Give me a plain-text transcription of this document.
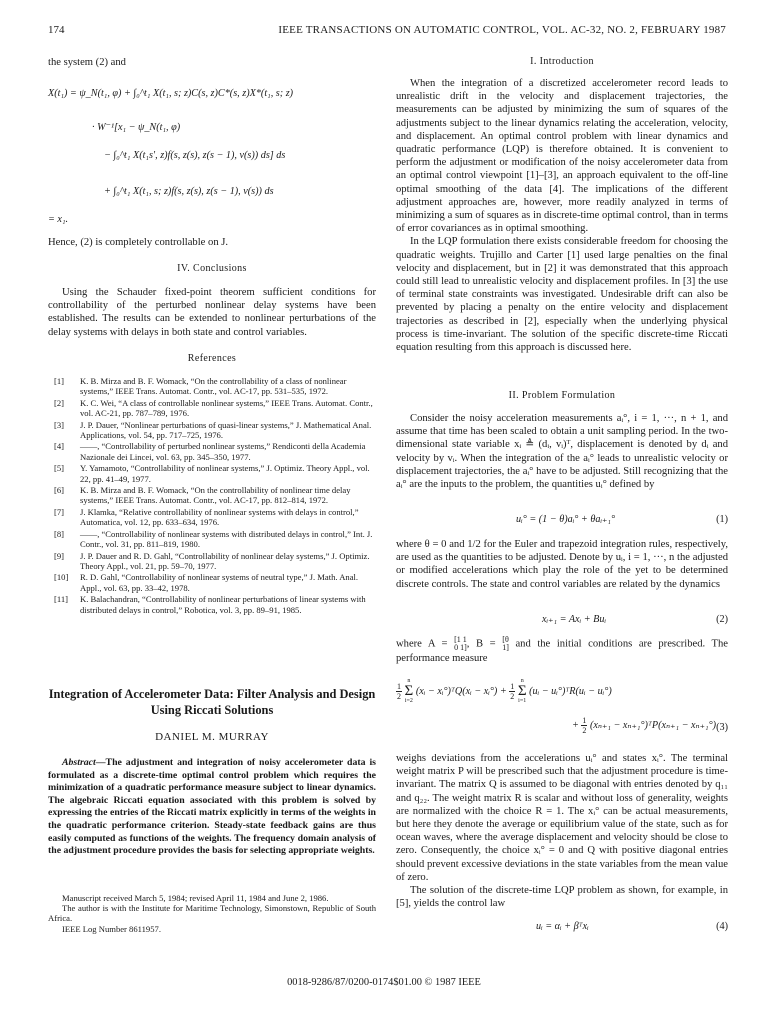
174	IEEE TRANSACTIONS ON AUTOMATIC CONTROL, VOL. AC-32, NO. 2, FEBRUARY 1987

the system (2) and

X(t₁) = ψ_N(t₁, φ) + ∫₀^t₁ X(t₁, s; z)C(s, z)C*(s, z)X*(t₁, s; z)
· W⁻¹[x₁ − ψ_N(t₁, φ)
− ∫₀^t₁ X(t₁s', z)f(s, z(s), z(s − 1), v(s)) ds] ds
+ ∫₀^t₁ X(t₁, s; z)f(s, z(s), z(s − 1), v(s)) ds
= x₁.

Hence, (2) is completely controllable on J.

IV. Conclusions

Using the Schauder fixed-point theorem sufficient conditions for controllability of the perturbed nonlinear delay systems have been established. The results can be extended to nonlinear perturbations of the delay systems with delays in both state and control variables.

References
[1]	K. B. Mirza and B. F. Womack, “On the controllability of a class of nonlinear systems,” IEEE Trans. Automat. Contr., vol. AC-17, pp. 531–535, 1972.
[2]	K. C. Wei, “A class of controllable nonlinear systems,” IEEE Trans. Automat. Contr., vol. AC-21, pp. 787–789, 1976.
[3]	J. P. Dauer, “Nonlinear perturbations of quasi-linear systems,” J. Mathematical Anal. Applications, vol. 54, pp. 717–725, 1976.
[4]	——, “Controllability of perturbed nonlinear systems,” Rendiconti della Academia Nazionale dei Lincei, vol. 63, pp. 345–350, 1977.
[5]	Y. Yamamoto, “Controllability of nonlinear systems,” J. Optimiz. Theory Appl., vol. 22, pp. 41–49, 1977.
[6]	K. B. Mirza and B. F. Womack, “On the controllability of nonlinear time delay systems,” IEEE Trans. Automat. Contr., vol. AC-17, pp. 812–814, 1972.
[7]	J. Klamka, “Relative controllability of nonlinear systems with delays in control,” Automatica, vol. 12, pp. 633–634, 1976.
[8]	——, “Controllability of nonlinear systems with distributed delays in control,” Int. J. Contr., vol. 31, pp. 811–819, 1980.
[9]	J. P. Dauer and R. D. Gahl, “Controllability of nonlinear delay systems,” J. Optimiz. Theory Appl., vol. 21, pp. 59–70, 1977.
[10]	R. D. Gahl, “Controllability of nonlinear systems of neutral type,” J. Math. Anal. Appl., vol. 63, pp. 33–42, 1978.
[11]	K. Balachandran, “Controllability of nonlinear perturbations of linear systems with distributed delays in control,” Robotica, vol. 3, pp. 89–91, 1985.
Integration of Accelerometer Data: Filter Analysis and Design Using Riccati Solutions
DANIEL M. MURRAY

Abstract—The adjustment and integration of noisy accelerometer data is formulated as a discrete-time optimal control problem which requires the minimization of a quadratic performance measure subject to linear dynamics. The algebraic Riccati equation associated with this problem is solved by expressing the entries of the Riccati matrix explicitly in terms of the weights in the quadratic performance criterion. Steady-state feedback gains are thus easily computed as functions of the weights. The frequency domain analysis of the adjustment procedure provides the basis for selecting appropriate weights.

Manuscript received March 5, 1984; revised April 11, 1984 and June 2, 1986.

The author is with the Institute for Maritime Technology, Simonstown, Republic of South Africa.

IEEE Log Number 8611957.

I. Introduction

When the integration of a discretized accelerometer record leads to unrealistic drift in the velocity and displacement trajectories, the measurements can be adjusted by minimizing the sum of squares of the adjustments subject to the linear dynamics relating the acceleration, velocity, and displacement. An optimal control problem with linear dynamics and quadratic performance (LQP) is therefore obtained. It is convenient to perform the adjustment or modification of the noisy accelerometer data from an optimal control viewpoint [1]–[3], an approach equivalent to the off-line optimal smoothing of the data [4]. The implications of the different adjustment approaches are, however, more readily analyzed in terms of minimizing a sum of squares as in discrete-time optimal control, than in terms of error covariances as in optimal smoothing.

In the LQP formulation there exists considerable freedom for choosing the quadratic weights. Trujillo and Carter [1] used large penalties on the final velocity and displacement, but in [2] it was demonstrated that this approach could still lead to unrealistic velocity and displacement profiles. In [3] the use of terminal state constraints was investigated. Undesirable drift can also be prevented by placing a penalty on the entire velocity and displacement trajectories as described in [2], especially when the underlying physical process is time-invariant. The solution of the specific discrete-time Riccati equation resulting from this approach is discussed here.

II. Problem Formulation

Consider the noisy acceleration measurements aᵢ°, i = 1, ···, n + 1, and assume that time has been scaled to obtain a unit sampling period. In the two-dimensional state variable xᵢ ≜ (dᵢ, vᵢ)ᵀ, displacement is denoted by dᵢ and velocity by vᵢ. When the integration of the aᵢ° leads to unrealistic velocity or displacement trajectories, the aᵢ° have to be adjusted. Still recognizing that the aᵢ° are the inputs to the problem, the quantities uᵢ° defined by

uᵢ° = (1 − θ)aᵢ° + θaᵢ₊₁°	(1)

where θ = 0 and 1/2 for the Euler and trapezoid integration rules, respectively, are used as the quantities to be adjusted. Denote by uᵢ, i = 1, ···, n the adjusted or modified accelerations which play the role of the yet to be determined discrete controls. The state and control variables are related by the dynamics

xᵢ₊₁ = Axᵢ + Buᵢ	(2)

where A = [1 1
0 1], B = [θ
1] and the initial conditions are prescribed. The performance measure

$\frac{1}{2}$

n
Σ
i=2
(xᵢ − xᵢ°)ᵀQ(xᵢ − xᵢ°) + $\frac{1}{2}$

n
Σ
i=1
(uᵢ − uᵢ°)ᵀR(uᵢ − uᵢ°)
+ $\frac{1}{2} (x_{n+1}$ − xₙ₊₁°)ᵀP(xₙ₊₁ − xₙ₊₁°) (3)

weighs deviations from the accelerations uᵢ° and states xᵢ°. The terminal weight matrix P will be prescribed such that the adjustment procedure is time-invariant. The matrix Q is assumed to be diagonal with entries denoted by q₁₁ and q₂₂. The weight matrix R is scalar and without loss of generality, weights are normalized with the choice R = 1. The xᵢ° can be actual measurements, but here they denote the average or equilibrium value of the state, such as for ocean waves, where the average displacement and velocity should be close to zero. Consequently, the choice xᵢ° = 0 and Q with positive diagonal entries should prevent excessive deviations in the state variables from the mean value of zero.

The solution of the discrete-time LQP problem as shown, for example, in [5], yields the control law

uᵢ = αᵢ + βᵀxᵢ	(4)
0018-9286/87/0200-0174$01.00 © 1987 IEEE
